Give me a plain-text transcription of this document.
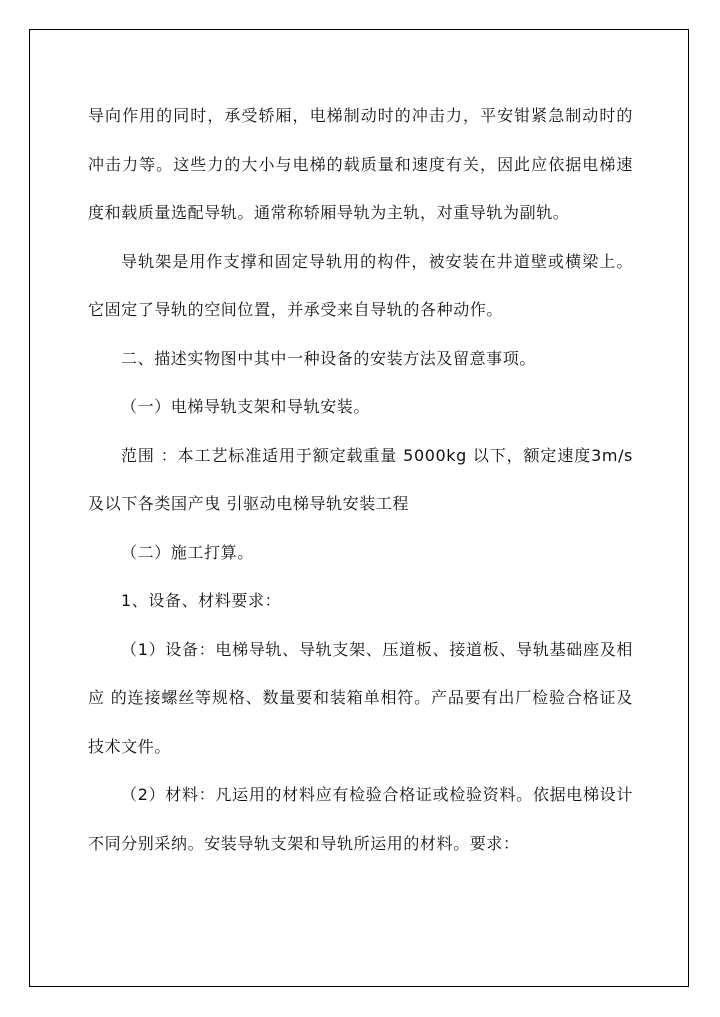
导向作用的同时，承受轿厢，电梯制动时的冲击力，平安钳紧急制动时的冲击力等。这些力的大小与电梯的载质量和速度有关，因此应依据电梯速度和载质量选配导轨。通常称轿厢导轨为主轨，对重导轨为副轨。

导轨架是用作支撑和固定导轨用的构件，被安装在井道壁或横梁上。它固定了导轨的空间位置，并承受来自导轨的各种动作。

二、描述实物图中其中一种设备的安装方法及留意事项。

（一）电梯导轨支架和导轨安装。

范围 ：本工艺标准适用于额定载重量 5000kg 以下，额定速度3m/s 及以下各类国产曳 引驱动电梯导轨安装工程

（二）施工打算。

1、设备、材料要求：

（1）设备：电梯导轨、导轨支架、压道板、接道板、导轨基础座及相应 的连接螺丝等规格、数量要和装箱单相符。产品要有出厂检验合格证及技术文件。

（2）材料：凡运用的材料应有检验合格证或检验资料。依据电梯设计不同分别采纳。安装导轨支架和导轨所运用的材料。要求：
